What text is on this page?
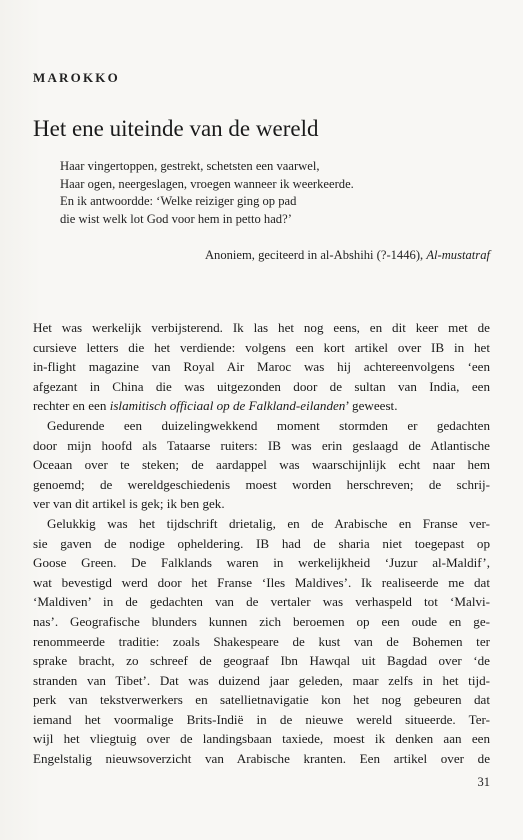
MAROKKO
Het ene uiteinde van de wereld
Haar vingertoppen, gestrekt, schetsten een vaarwel,
Haar ogen, neergeslagen, vroegen wanneer ik weerkeerde.
En ik antwoordde: ‘Welke reiziger ging op pad
die wist welk lot God voor hem in petto had?’
Anoniem, geciteerd in al-Abshihi (?-1446), Al-mustatraf
Het was werkelijk verbijsterend. Ik las het nog eens, en dit keer met de
cursieve letters die het verdiende: volgens een kort artikel over IB in het
in-flight magazine van Royal Air Maroc was hij achtereenvolgens ‘een
afgezant in China die was uitgezonden door de sultan van India, een
rechter en een islamitisch officiaal op de Falkland-eilanden’ geweest.
Gedurende een duizelingwekkend moment stormden er gedachten
door mijn hoofd als Tataarse ruiters: IB was erin geslaagd de Atlantische
Oceaan over te steken; de aardappel was waarschijnlijk echt naar hem
genoemd; de wereldgeschiedenis moest worden herschreven; de schrij-
ver van dit artikel is gek; ik ben gek.
Gelukkig was het tijdschrift drietalig, en de Arabische en Franse ver-
sie gaven de nodige opheldering. IB had de sharia niet toegepast op
Goose Green. De Falklands waren in werkelijkheid ‘Juzur al-Maldif’,
wat bevestigd werd door het Franse ‘Iles Maldives’. Ik realiseerde me dat
‘Maldiven’ in de gedachten van de vertaler was verhaspeld tot ‘Malvi-
nas’. Geografische blunders kunnen zich beroemen op een oude en ge-
renommeerde traditie: zoals Shakespeare de kust van de Bohemen ter
sprake bracht, zo schreef de geograaf Ibn Hawqal uit Bagdad over ‘de
stranden van Tibet’. Dat was duizend jaar geleden, maar zelfs in het tijd-
perk van tekstverwerkers en satellietnavigatie kon het nog gebeuren dat
iemand het voormalige Brits-Indië in de nieuwe wereld situeerde. Ter-
wijl het vliegtuig over de landingsbaan taxiede, moest ik denken aan een
Engelstalig nieuwsoverzicht van Arabische kranten. Een artikel over de
31
